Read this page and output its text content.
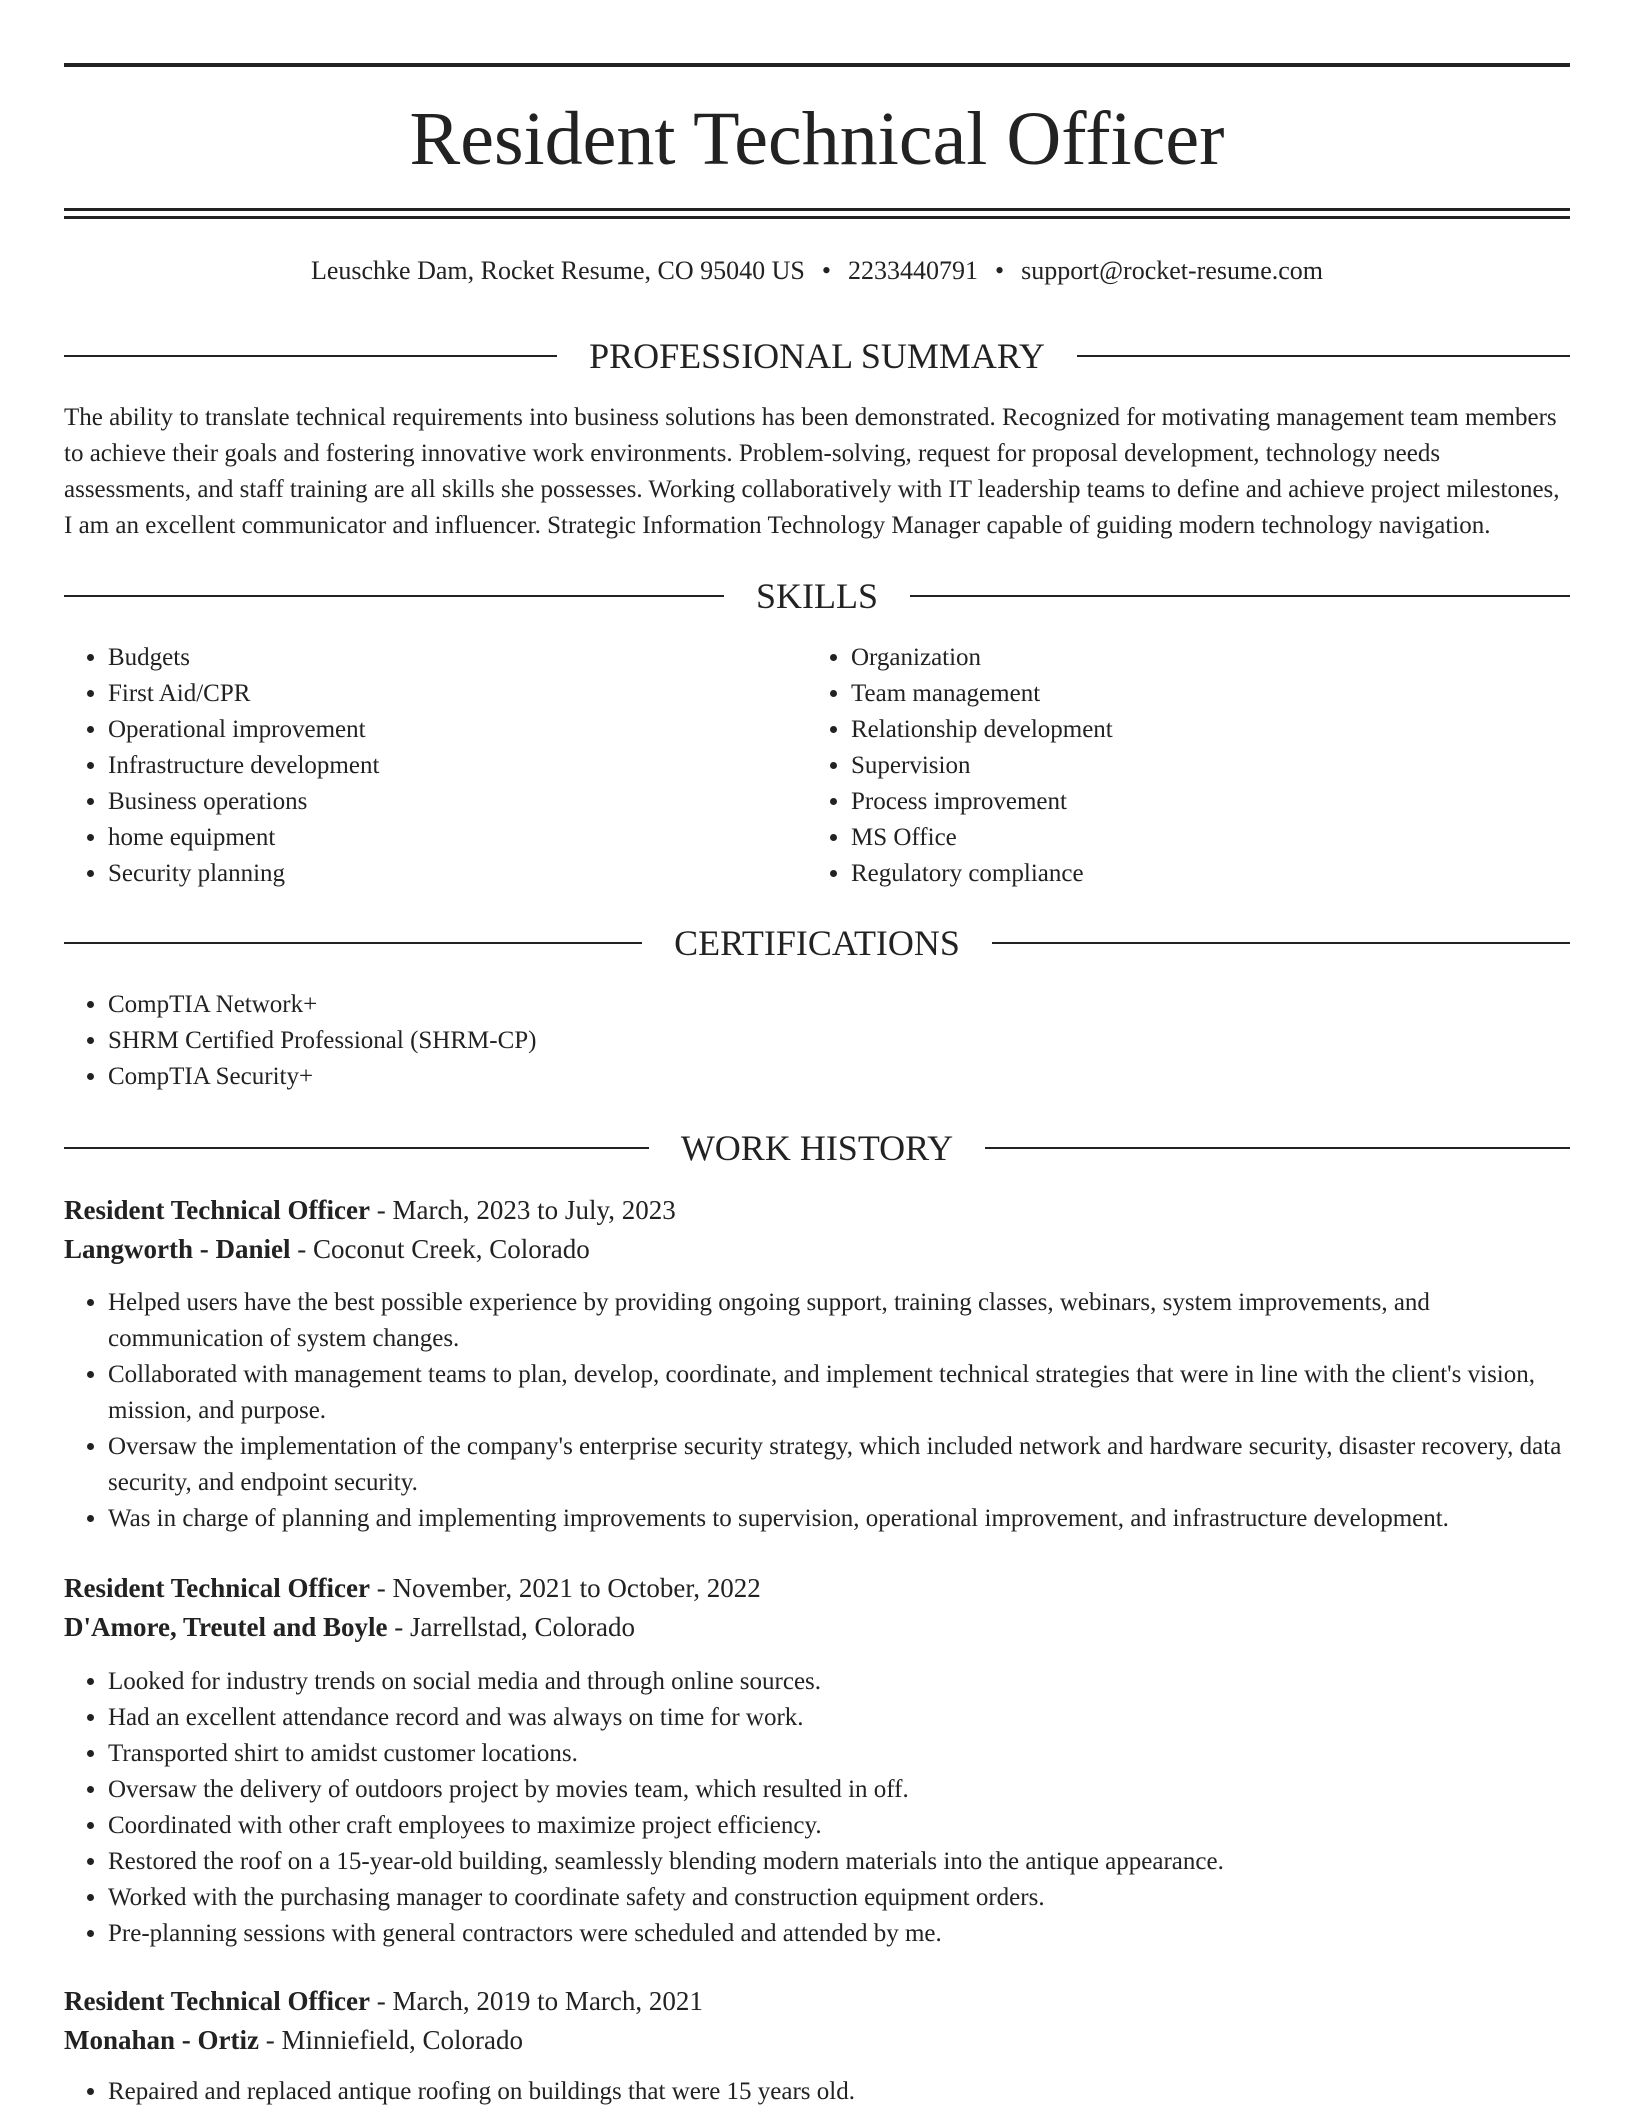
Resident Technical Officer
Leuschke Dam, Rocket Resume, CO 95040 US • 2233440791 • support@rocket-resume.com
PROFESSIONAL SUMMARY

The ability to translate technical requirements into business solutions has been demonstrated. Recognized for motivating management team members to achieve their goals and fostering innovative work environments. Problem-solving, request for proposal development, technology needs assessments, and staff training are all skills she possesses. Working collaboratively with IT leadership teams to define and achieve project milestones, I am an excellent communicator and influencer. Strategic Information Technology Manager capable of guiding modern technology navigation.

SKILLS
• Budgets
• First Aid/CPR
• Operational improvement
• Infrastructure development
• Business operations
• home equipment
• Security planning
• Organization
• Team management
• Relationship development
• Supervision
• Process improvement
• MS Office
• Regulatory compliance
CERTIFICATIONS
• CompTIA Network+
• SHRM Certified Professional (SHRM-CP)
• CompTIA Security+
WORK HISTORY
Resident Technical Officer - March, 2023 to July, 2023
Langworth - Daniel - Coconut Creek, Colorado
• Helped users have the best possible experience by providing ongoing support, training classes, webinars, system improvements, and communication of system changes.
• Collaborated with management teams to plan, develop, coordinate, and implement technical strategies that were in line with the client's vision, mission, and purpose.
• Oversaw the implementation of the company's enterprise security strategy, which included network and hardware security, disaster recovery, data security, and endpoint security.
• Was in charge of planning and implementing improvements to supervision, operational improvement, and infrastructure development.
Resident Technical Officer - November, 2021 to October, 2022
D'Amore, Treutel and Boyle - Jarrellstad, Colorado
• Looked for industry trends on social media and through online sources.
• Had an excellent attendance record and was always on time for work.
• Transported shirt to amidst customer locations.
• Oversaw the delivery of outdoors project by movies team, which resulted in off.
• Coordinated with other craft employees to maximize project efficiency.
• Restored the roof on a 15-year-old building, seamlessly blending modern materials into the antique appearance.
• Worked with the purchasing manager to coordinate safety and construction equipment orders.
• Pre-planning sessions with general contractors were scheduled and attended by me.
Resident Technical Officer - March, 2019 to March, 2021
Monahan - Ortiz - Minniefield, Colorado
• Repaired and replaced antique roofing on buildings that were 15 years old.
